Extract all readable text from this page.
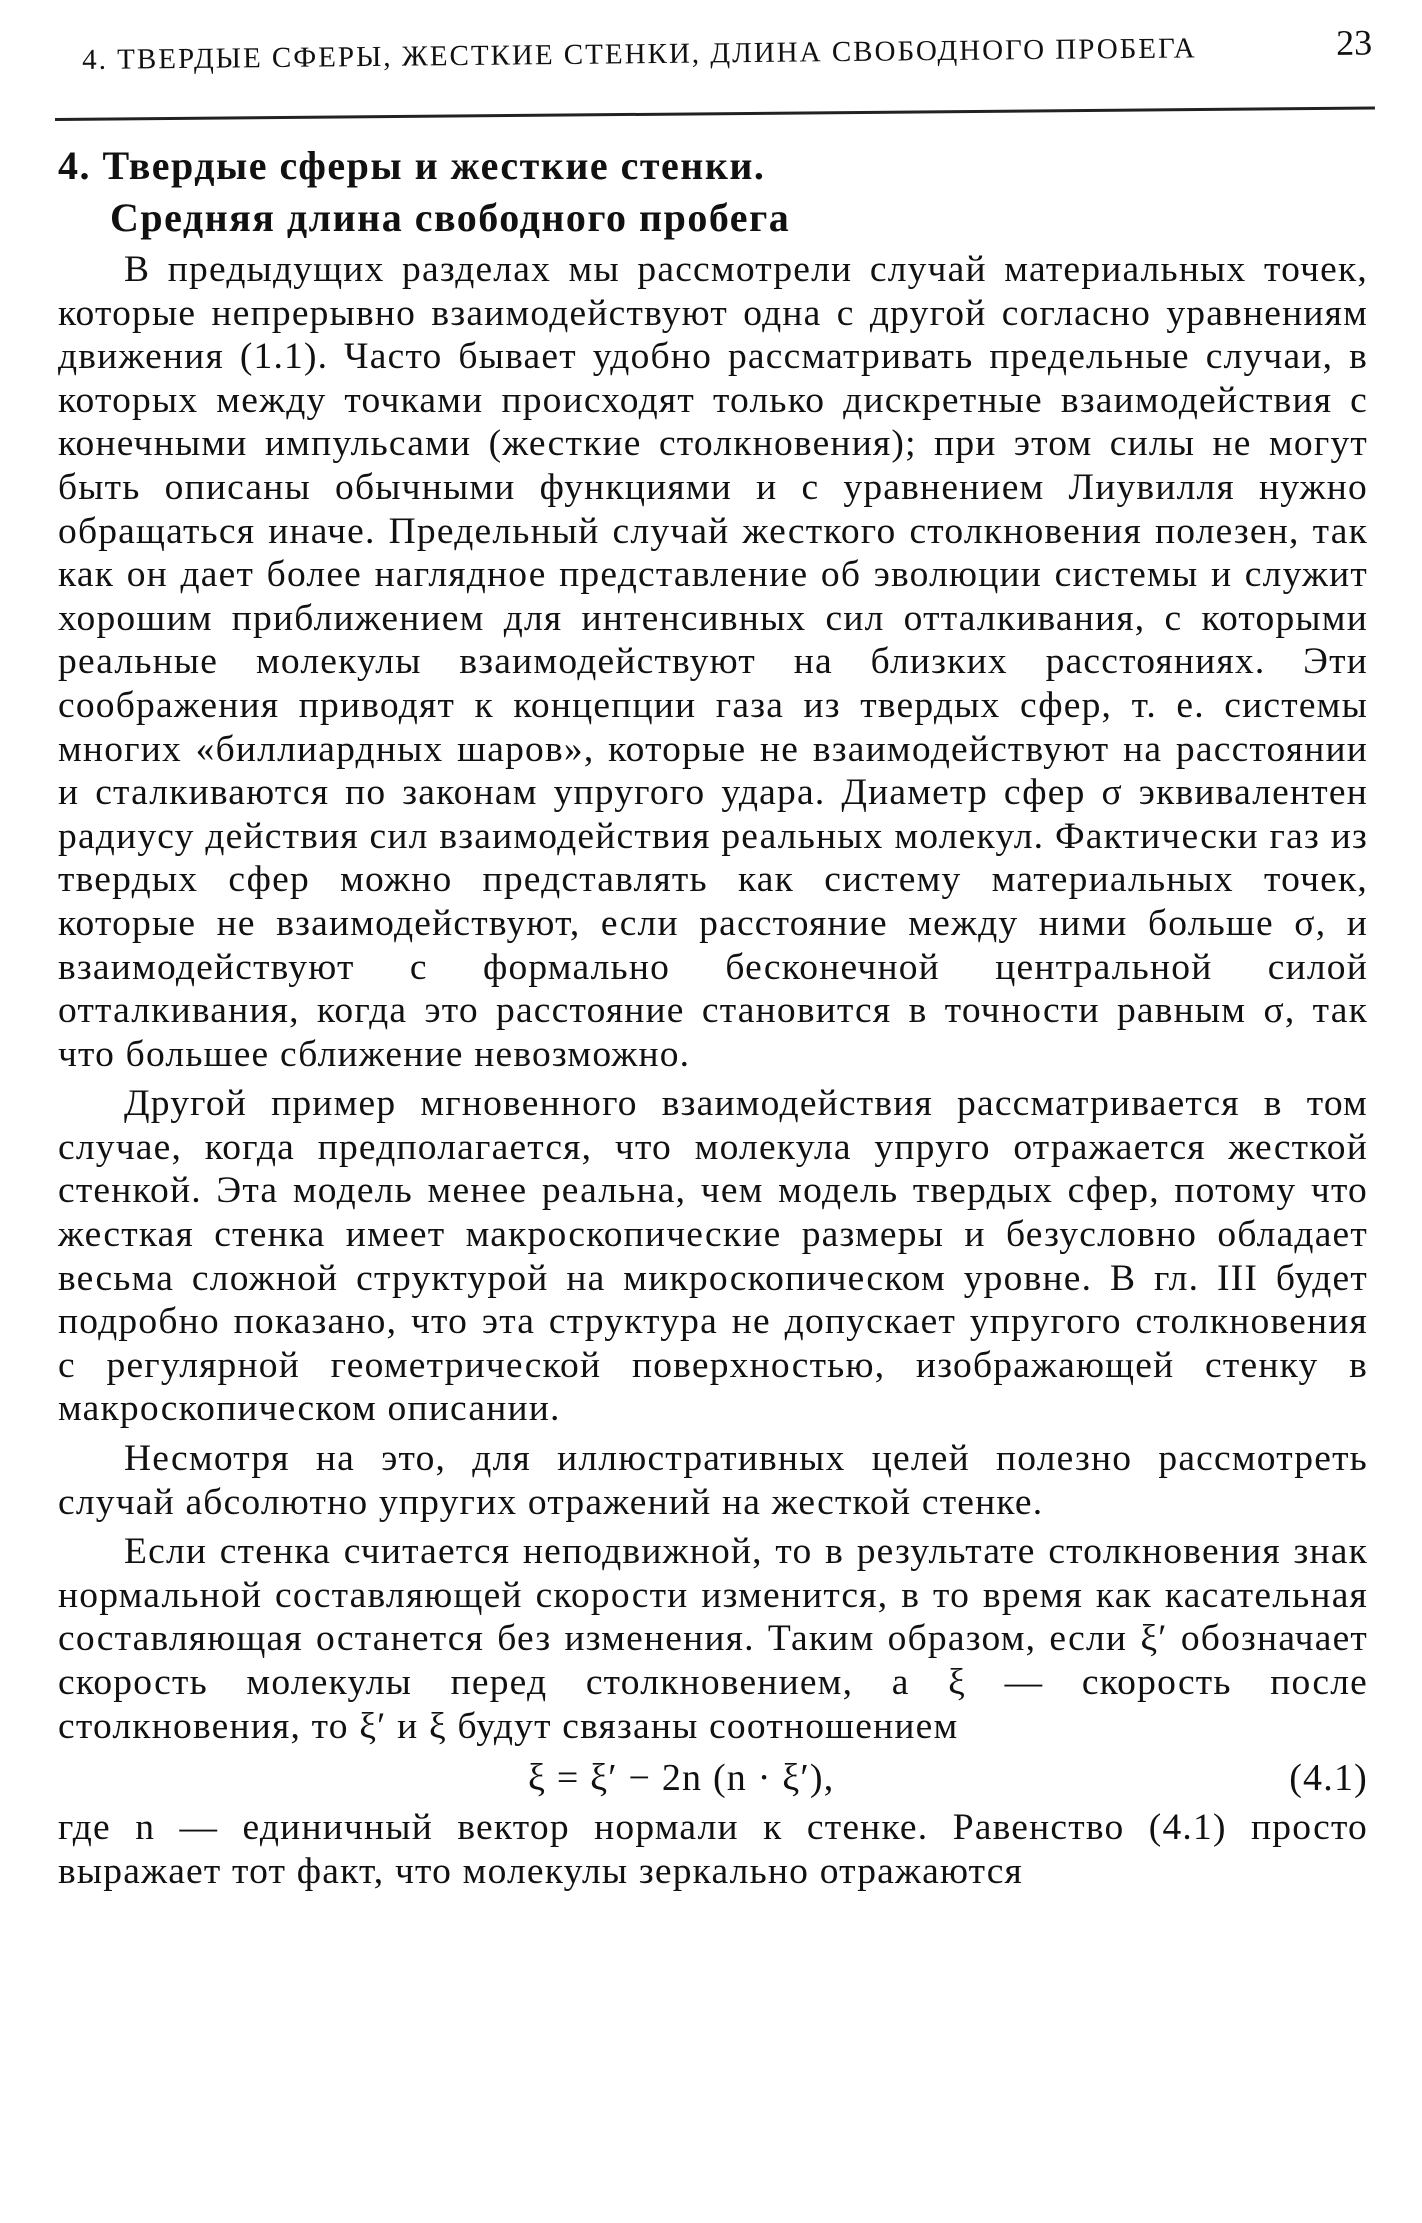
4. ТВЕРДЫЕ СФЕРЫ, ЖЕСТКИЕ СТЕНКИ, ДЛИНА СВОБОДНОГО ПРОБЕГА	23
4. Твердые сферы и жесткие стенки.
Средняя длина свободного пробега

В предыдущих разделах мы рассмотрели случай материальных точек, которые непрерывно взаимодействуют одна с другой согласно уравнениям движения (1.1). Часто бывает удобно рассматривать предельные случаи, в которых между точками происходят только дискретные взаимодействия с конечными импульсами (жесткие столкновения); при этом силы не могут быть описаны обычными функциями и с уравнением Лиувилля нужно обращаться иначе. Предельный случай жесткого столкновения полезен, так как он дает более наглядное представление об эволюции системы и служит хорошим приближением для интенсивных сил отталкивания, с которыми реальные молекулы взаимодействуют на близких расстояниях. Эти соображения приводят к концепции газа из твердых сфер, т. е. системы многих «биллиардных шаров», которые не взаимодействуют на расстоянии и сталкиваются по законам упругого удара. Диаметр сфер σ эквивалентен радиусу действия сил взаимодействия реальных молекул. Фактически газ из твердых сфер можно представлять как систему материальных точек, которые не взаимодействуют, если расстояние между ними больше σ, и взаимодействуют с формально бесконечной центральной силой отталкивания, когда это расстояние становится в точности равным σ, так что большее сближение невозможно.

Другой пример мгновенного взаимодействия рассматривается в том случае, когда предполагается, что молекула упруго отражается жесткой стенкой. Эта модель менее реальна, чем модель твердых сфер, потому что жесткая стенка имеет макроскопические размеры и безусловно обладает весьма сложной структурой на микроскопическом уровне. В гл. III будет подробно показано, что эта структура не допускает упругого столкновения с регулярной геометрической поверхностью, изображающей стенку в макроскопическом описании.

Несмотря на это, для иллюстративных целей полезно рассмотреть случай абсолютно упругих отражений на жесткой стенке.

Если стенка считается неподвижной, то в результате столкновения знак нормальной составляющей скорости изменится, в то время как касательная составляющая останется без изменения. Таким образом, если ξ′ обозначает скорость молекулы перед столкновением, а ξ — скорость после столкновения, то ξ′ и ξ будут связаны соотношением

ξ = ξ′ − 2n (n · ξ′),	(4.1)

где n — единичный вектор нормали к стенке. Равенство (4.1) просто выражает тот факт, что молекулы зеркально отражаются
